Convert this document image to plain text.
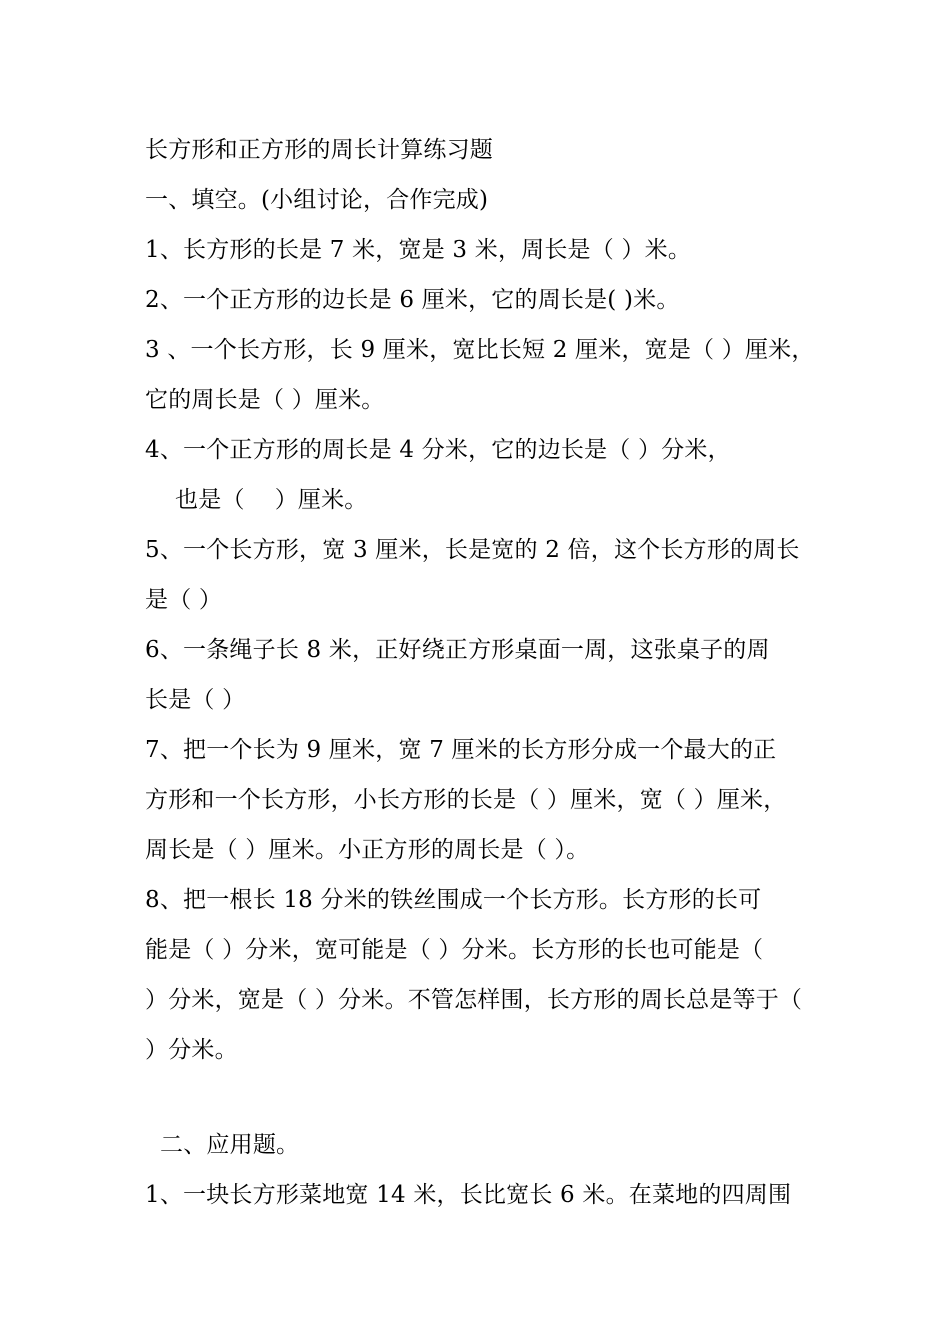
长方形和正方形的周长计算练习题
一、填空。(小组讨论，合作完成)
1、长方形的长是 7 米，宽是 3 米，周长是（ ）米。
2、一个正方形的边长是 6 厘米，它的周长是( )米。
3 、一个长方形，长 9 厘米，宽比长短 2 厘米，宽是（ ）厘米，
它的周长是（ ）厘米。
4、一个正方形的周长是 4 分米，它的边长是（ ）分米，
也是（    ）厘米。
5、一个长方形，宽 3 厘米，长是宽的 2 倍，这个长方形的周长
是（ ）
6、一条绳子长 8 米，正好绕正方形桌面一周，这张桌子的周
长是（ ）
7、把一个长为 9 厘米，宽 7 厘米的长方形分成一个最大的正
方形和一个长方形，小长方形的长是（ ）厘米，宽（ ）厘米，
周长是（ ）厘米。小正方形的周长是（ ）。
8、把一根长 18 分米的铁丝围成一个长方形。长方形的长可
能是（ ）分米，宽可能是（ ）分米。长方形的长也可能是（
）分米，宽是（ ）分米。不管怎样围，长方形的周长总是等于（
）分米。
二、应用题。
1、一块长方形菜地宽 14 米，长比宽长 6 米。在菜地的四周围
